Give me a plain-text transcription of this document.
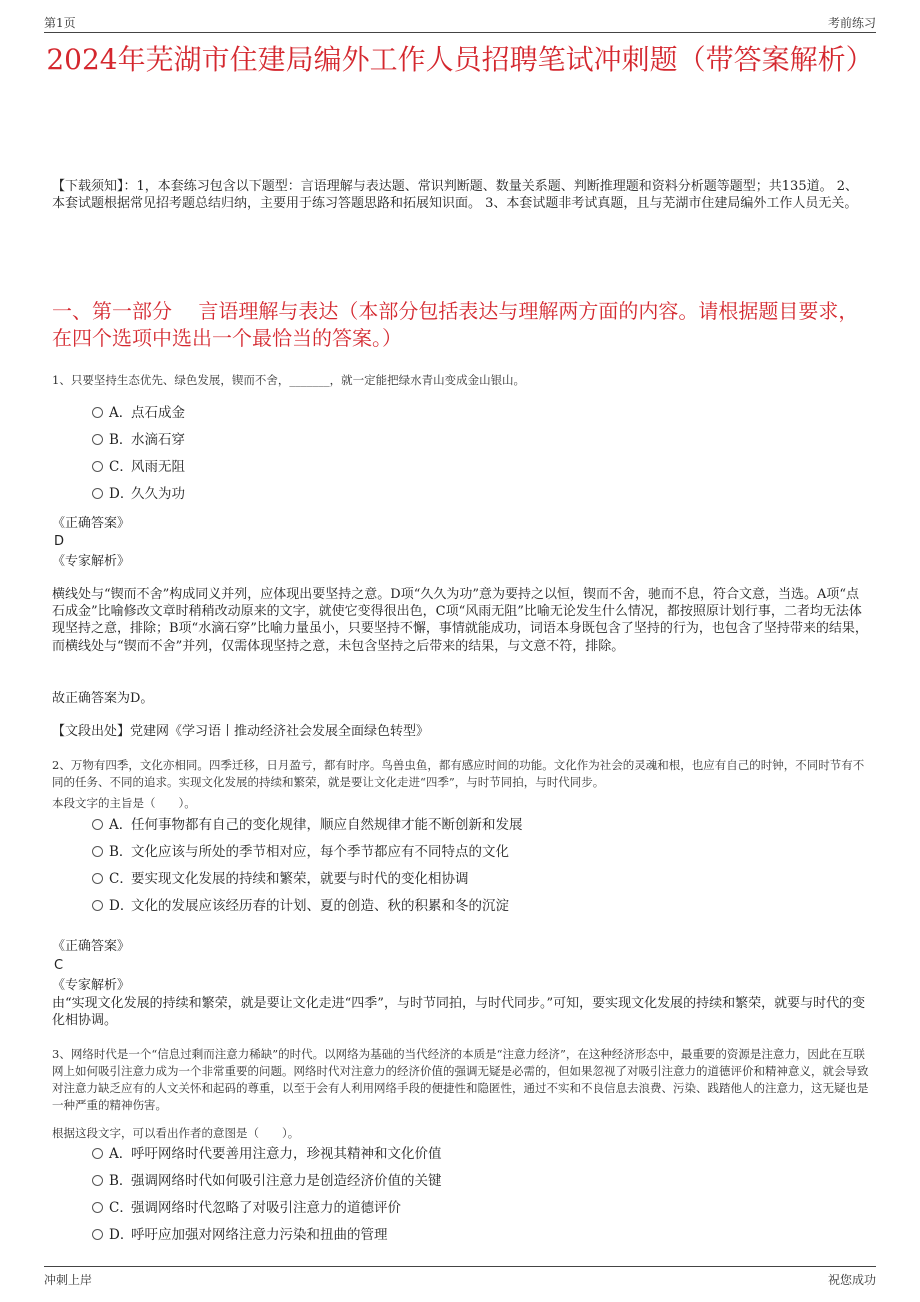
第1页	考前练习
2024年芜湖市住建局编外工作人员招聘笔试冲刺题（带答案解析）
【下载须知】：1，本套练习包含以下题型：言语理解与表达题、常识判断题、数量关系题、判断推理题和资料分析题等题型；共135道。 2、本套试题根据常见招考题总结归纳，主要用于练习答题思路和拓展知识面。 3、本套试题非考试真题，且与芜湖市住建局编外工作人员无关。
一、第一部分　 言语理解与表达（本部分包括表达与理解两方面的内容。请根据题目要求，在四个选项中选出一个最恰当的答案。）
1、只要坚持生态优先、绿色发展，锲而不舍，_______，就一定能把绿水青山变成金山银山。
A．点石成金
B．水滴石穿
C．风雨无阻
D．久久为功
《正确答案》
D
《专家解析》
横线处与“锲而不舍”构成同义并列，应体现出要坚持之意。D项“久久为功”意为要持之以恒，锲而不舍，驰而不息，符合文意，当选。A项“点石成金”比喻修改文章时稍稍改动原来的文字，就使它变得很出色，C项“风雨无阻”比喻无论发生什么情况，都按照原计划行事，二者均无法体现坚持之意，排除；B项“水滴石穿”比喻力量虽小，只要坚持不懈，事情就能成功，词语本身既包含了坚持的行为，也包含了坚持带来的结果，而横线处与“锲而不舍”并列，仅需体现坚持之意，未包含坚持之后带来的结果，与文意不符，排除。
故正确答案为D。
【文段出处】党建网《学习语丨推动经济社会发展全面绿色转型》
2、万物有四季，文化亦相同。四季迁移，日月盈亏，都有时序。鸟兽虫鱼，都有感应时间的功能。文化作为社会的灵魂和根，也应有自己的时钟，不同时节有不同的任务、不同的追求。实现文化发展的持续和繁荣，就是要让文化走进“四季”，与时节同拍，与时代同步。
本段文字的主旨是（　　）。
A．任何事物都有自己的变化规律，顺应自然规律才能不断创新和发展
B．文化应该与所处的季节相对应，每个季节都应有不同特点的文化
C．要实现文化发展的持续和繁荣，就要与时代的变化相协调
D．文化的发展应该经历春的计划、夏的创造、秋的积累和冬的沉淀
《正确答案》
C
《专家解析》
由“实现文化发展的持续和繁荣，就是要让文化走进“四季”，与时节同拍，与时代同步。”可知，要实现文化发展的持续和繁荣，就要与时代的变化相协调。
3、网络时代是一个“信息过剩而注意力稀缺”的时代。以网络为基础的当代经济的本质是“注意力经济”，在这种经济形态中，最重要的资源是注意力，因此在互联网上如何吸引注意力成为一个非常重要的问题。网络时代对注意力的经济价值的强调无疑是必需的，但如果忽视了对吸引注意力的道德评价和精神意义，就会导致对注意力缺乏应有的人文关怀和起码的尊重，以至于会有人利用网络手段的便捷性和隐匿性，通过不实和不良信息去浪费、污染、践踏他人的注意力，这无疑也是一种严重的精神伤害。
根据这段文字，可以看出作者的意图是（　　）。
A．呼吁网络时代要善用注意力，珍视其精神和文化价值
B．强调网络时代如何吸引注意力是创造经济价值的关键
C．强调网络时代忽略了对吸引注意力的道德评价
D．呼吁应加强对网络注意力污染和扭曲的管理
冲刺上岸	祝您成功
